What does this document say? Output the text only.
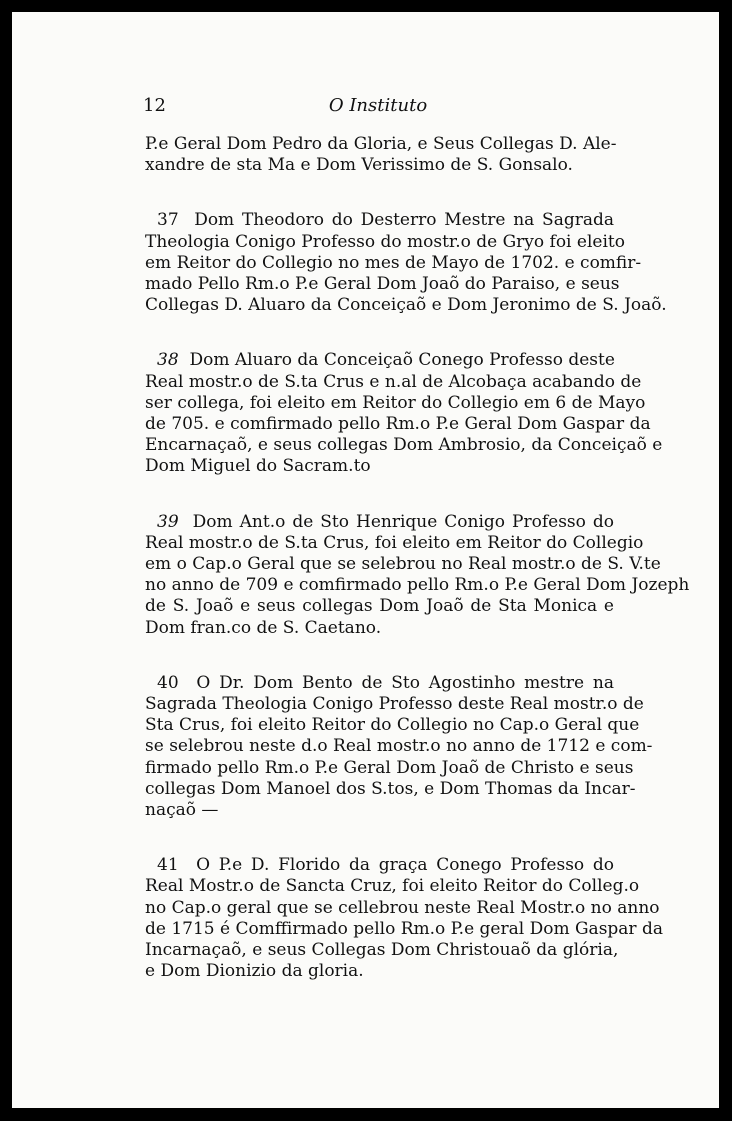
12	O Instituto
P.e Geral Dom Pedro da Gloria, e Seus Collegas D. Ale-
xandre de sta Ma e Dom Verissimo de S. Gonsalo.
37 Dom Theodoro do Desterro Mestre na Sagrada
Theologia Conigo Professo do mostr.o de Gryo foi eleito
em Reitor do Collegio no mes de Mayo de 1702. e comfir-
mado Pello Rm.o P.e Geral Dom Joaõ do Paraiso, e seus
Collegas D. Aluaro da Conceiçaõ e Dom Jeronimo de S. Joaõ.
38 Dom Aluaro da Conceiçaõ Conego Professo deste
Real mostr.o de S.ta Crus e n.al de Alcobaça acabando de
ser collega, foi eleito em Reitor do Collegio em 6 de Mayo
de 705. e comfirmado pello Rm.o P.e Geral Dom Gaspar da
Encarnaçaõ, e seus collegas Dom Ambrosio, da Conceiçaõ e
Dom Miguel do Sacram.to
39 Dom Ant.o de Sto Henrique Conigo Professo do
Real mostr.o de S.ta Crus, foi eleito em Reitor do Collegio
em o Cap.o Geral que se selebrou no Real mostr.o de S. V.te
no anno de 709 e comfirmado pello Rm.o P.e Geral Dom Jozeph
de S. Joaõ e seus collegas Dom Joaõ de Sta Monica e
Dom fran.co de S. Caetano.
40 O Dr. Dom Bento de Sto Agostinho mestre na
Sagrada Theologia Conigo Professo deste Real mostr.o de
Sta Crus, foi eleito Reitor do Collegio no Cap.o Geral que
se selebrou neste d.o Real mostr.o no anno de 1712 e com-
firmado pello Rm.o P.e Geral Dom Joaõ de Christo e seus
collegas Dom Manoel dos S.tos, e Dom Thomas da Incar-
naçaõ —
41 O P.e D. Florido da graça Conego Professo do
Real Mostr.o de Sancta Cruz, foi eleito Reitor do Colleg.o
no Cap.o geral que se cellebrou neste Real Mostr.o no anno
de 1715 é Comffirmado pello Rm.o P.e geral Dom Gaspar da
Incarnaçaõ, e seus Collegas Dom Christouaõ da glória,
e Dom Dionizio da gloria.
